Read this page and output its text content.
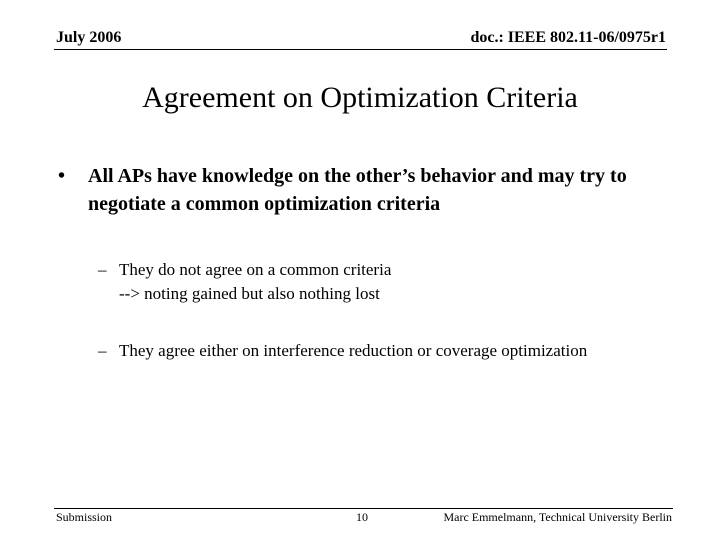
July 2006	doc.: IEEE 802.11-06/0975r1
Agreement on Optimization Criteria
• All APs have knowledge on the other’s behavior and may try to negotiate a common optimization criteria
– They do not agree on a common criteria
--> noting gained but also nothing lost
– They agree either on interference reduction or coverage optimization
Submission	10	Marc Emmelmann, Technical University Berlin
